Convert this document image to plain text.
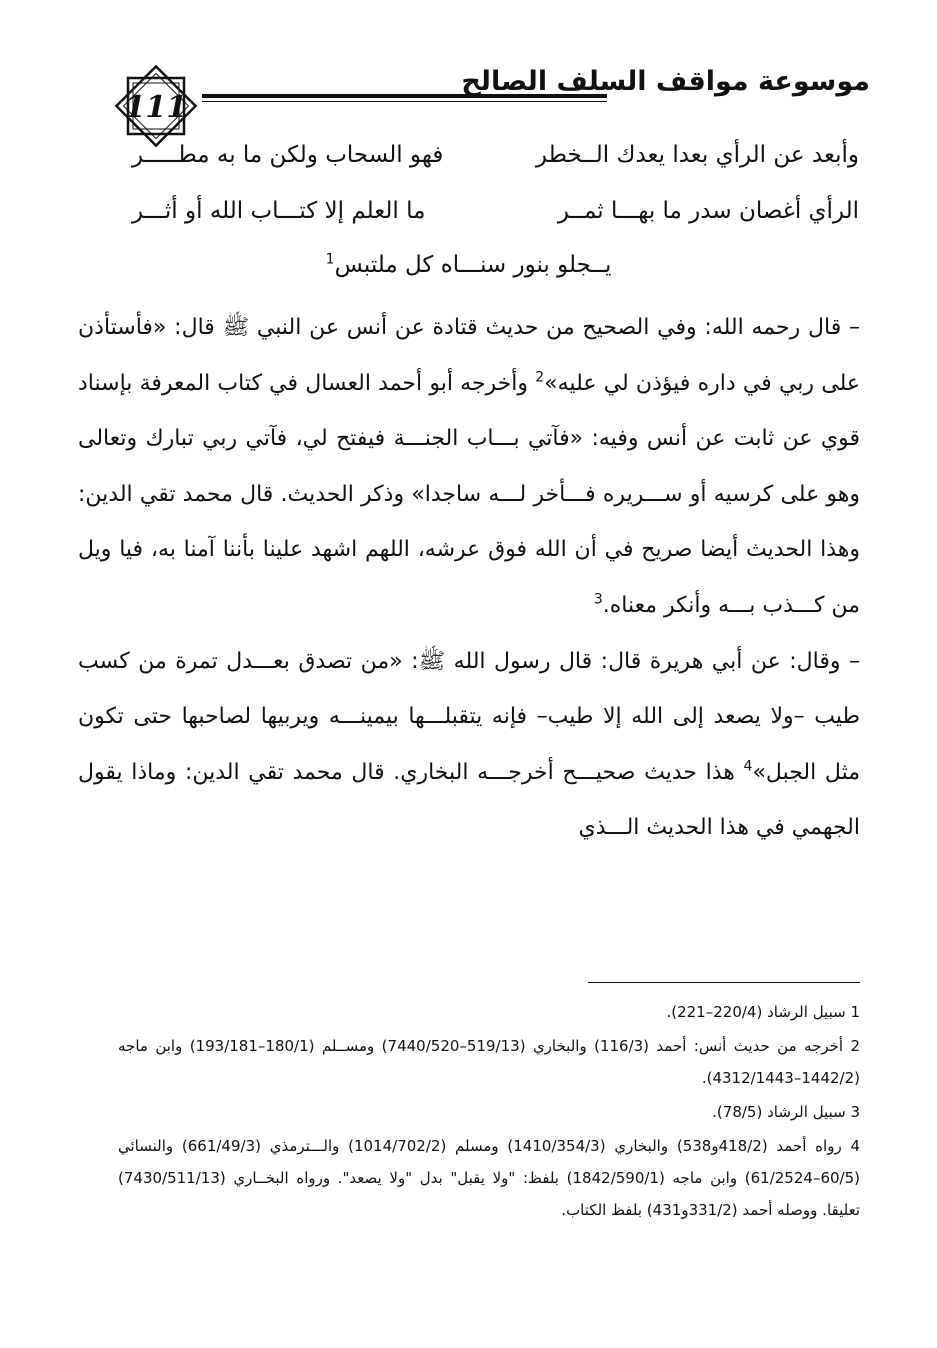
111
موسوعة مواقف السلف الصالح
وأبعد عن الرأي بعدا يعدك الــخطر
فهو السحاب ولكن ما به مطـــــر
الرأي أغصان سدر ما بهـــا ثمــر
ما العلم إلا كتـــاب الله أو أثـــر
يــجلو بنور سنـــاه كل ملتبس$^1$

– قال رحمه الله: وفي الصحيح من حديث قتادة عن أنس عن النبي ﷺ قال: «فأستأذن على ربي في داره فيؤذن لي عليه»$^2$ وأخرجه أبو أحمد العسال في كتاب المعرفة بإسناد قوي عن ثابت عن أنس وفيه: «فآتي بـــاب الجنـــة فيفتح لي، فآتي ربي تبارك وتعالى وهو على كرسيه أو ســـريره فـــأخر لـــه ساجدا» وذكر الحديث. قال محمد تقي الدين: وهذا الحديث أيضا صريح في أن الله فوق عرشه، اللهم اشهد علينا بأننا آمنا به، فيا ويل من كـــذب بـــه وأنكر معناه.$^3$

– وقال: عن أبي هريرة قال: قال رسول الله ﷺ: «من تصدق بعـــدل تمرة من كسب طيب –ولا يصعد إلى الله إلا طيب– فإنه يتقبلـــها بيمينـــه ويربيها لصاحبها حتى تكون مثل الجبل»$^4$ هذا حديث صحيـــح أخرجـــه البخاري. قال محمد تقي الدين: وماذا يقول الجهمي في هذا الحديث الـــذي

1 سبيل الرشاد (220/4–221).

2 أخرجه من حديث أنس: أحمد (116/3) والبخاري (519/13–7440/520) ومســلم (180/1–193/181) وابن ماجه (1442/2–4312/1443).

3 سبيل الرشاد (78/5).

4 رواه أحمد (418/2و538) والبخاري (1410/354/3) ومسلم (1014/702/2) والـــترمذي (661/49/3) والنسائي (60/5–61/2524) وابن ماجه (1842/590/1) بلفظ: "ولا يقبل" بدل "ولا يصعد". ورواه البخــاري (7430/511/13) تعليقا. ووصله أحمد (331/2و431) بلفظ الكتاب.
